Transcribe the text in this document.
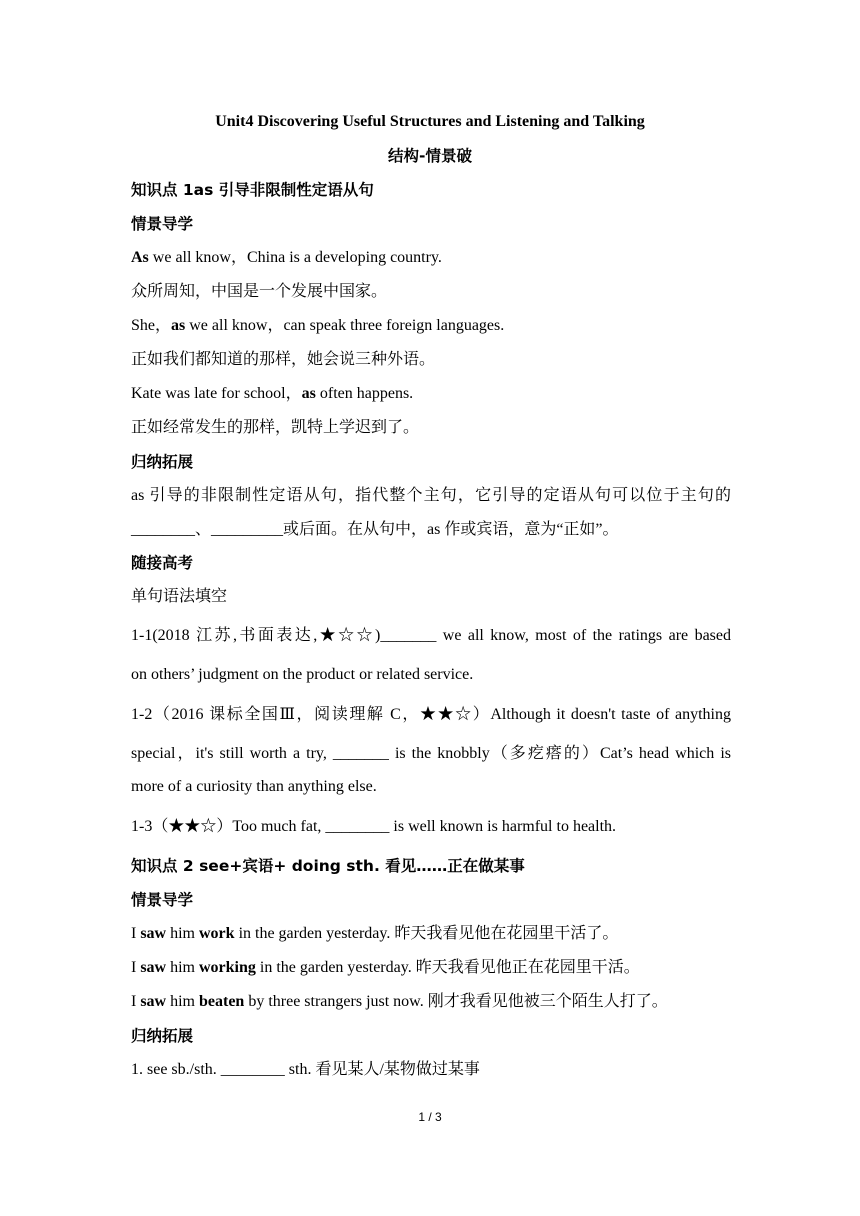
Unit4 Discovering Useful Structures and Listening and Talking
结构-情景破
知识点 1as 引导非限制性定语从句
情景导学
As we all know，China is a developing country.
众所周知，中国是一个发展中国家。
She，as we all know，can speak three foreign languages.
正如我们都知道的那样，她会说三种外语。
Kate was late for school，as often happens.
正如经常发生的那样，凯特上学迟到了。
归纳拓展
as 引导的非限制性定语从句，指代整个主句，它引导的定语从句可以位于主句的
________、_________或后面。在从句中，as 作或宾语，意为“正如”。
随接高考
单句语法填空
1-1(2018 江苏,书面表达,★☆☆)_______ we all know, most of the ratings are based
on others’ judgment on the product or related service.
1-2（2016 课标全国Ⅲ，阅读理解 C，★★☆）Although it doesn't taste of anything
special，it's still worth a try, _______ is the knobbly（多疙瘩的）Cat’s head which is
more of a curiosity than anything else.
1-3（★★☆）Too much fat, ________ is well known is harmful to health.
知识点 2 see+宾语+ doing sth. 看见……正在做某事
情景导学
I saw him work in the garden yesterday. 昨天我看见他在花园里干活了。
I saw him working in the garden yesterday. 昨天我看见他正在花园里干活。
I saw him beaten by three strangers just now. 刚才我看见他被三个陌生人打了。
归纳拓展
1. see sb./sth. ________ sth. 看见某人/某物做过某事
1 / 3
